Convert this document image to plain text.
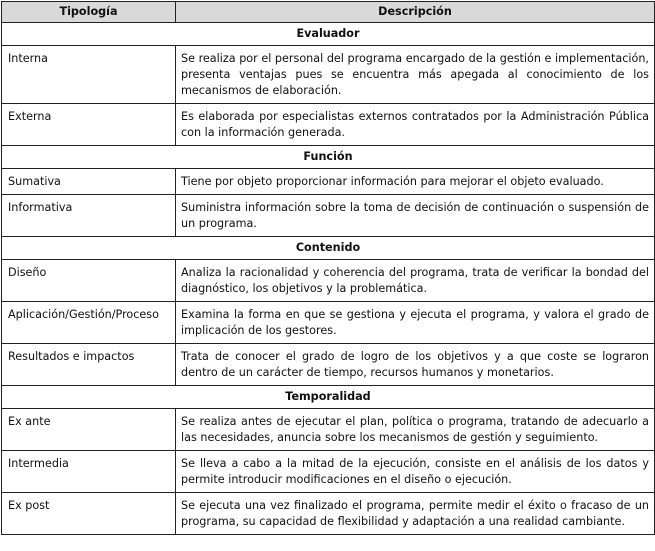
Tipología	Descripción
Evaluador	
Interna	Se realiza por el personal del programa encargado de la gestión e implementación, presenta ventajas pues se encuentra más apegada al conocimiento de los mecanismos de elaboración.
Externa	Es elaborada por especialistas externos contratados por la Administración Pública con la información generada.
Función	
Sumativa	Tiene por objeto proporcionar información para mejorar el objeto evaluado.
Informativa	Suministra información sobre la toma de decisión de continuación o suspensión de un programa.
Contenido	
Diseño	Analiza la racionalidad y coherencia del programa, trata de verificar la bondad del diagnóstico, los objetivos y la problemática.
Aplicación/Gestión/Proceso	Examina la forma en que se gestiona y ejecuta el programa, y valora el grado de implicación de los gestores.
Resultados e impactos	Trata de conocer el grado de logro de los objetivos y a que coste se lograron dentro de un carácter de tiempo, recursos humanos y monetarios.
Temporalidad	
Ex ante	Se realiza antes de ejecutar el plan, política o programa, tratando de adecuarlo a las necesidades, anuncia sobre los mecanismos de gestión y seguimiento.
Intermedia	Se lleva a cabo a la mitad de la ejecución, consiste en el análisis de los datos y permite introducir modificaciones en el diseño o ejecución.
Ex post	Se ejecuta una vez finalizado el programa, permite medir el éxito o fracaso de un programa, su capacidad de flexibilidad y adaptación a una realidad cambiante.
